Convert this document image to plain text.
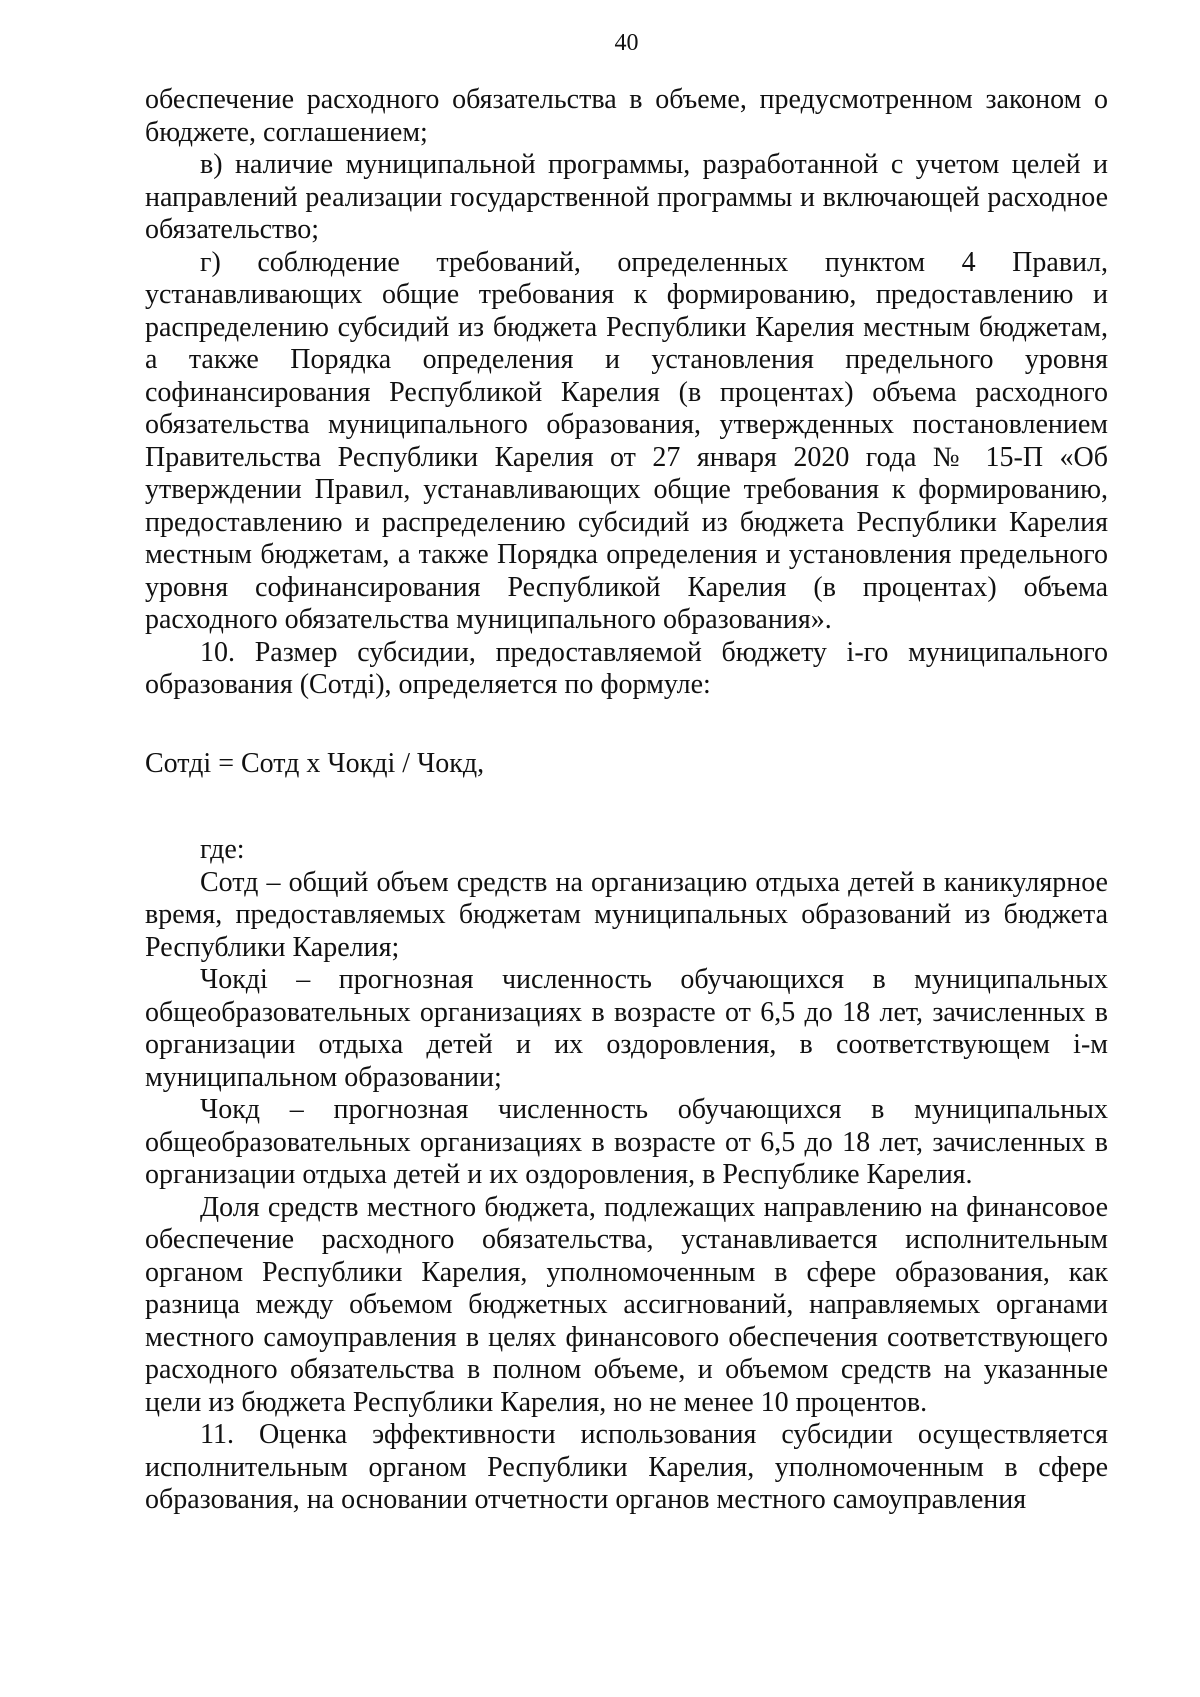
40

обеспечение расходного обязательства в объеме, предусмотренном законом о бюджете, соглашением;

в) наличие муниципальной программы, разработанной с учетом целей и направлений реализации государственной программы и включающей расходное обязательство;

г) соблюдение требований, определенных пунктом 4 Правил, устанавливающих общие требования к формированию, предоставлению и распределению субсидий из бюджета Республики Карелия местным бюджетам, а также Порядка определения и установления предельного уровня софинансирования Республикой Карелия (в процентах) объема расходного обязательства муниципального образования, утвержденных постановлением Правительства Республики Карелия от 27 января 2020 года № 15-П «Об утверждении Правил, устанавливающих общие требования к формированию, предоставлению и распределению субсидий из бюджета Республики Карелия местным бюджетам, а также Порядка определения и установления предельного уровня софинансирования Республикой Карелия (в процентах) объема расходного обязательства муниципального образования».

10. Размер субсидии, предоставляемой бюджету i-го муниципального образования (Cотдi), определяется по формуле:

Cотдi = Cотд x Чокдi / Чокд,

где:

Cотд – общий объем средств на организацию отдыха детей в каникулярное время, предоставляемых бюджетам муниципальных образований из бюджета Республики Карелия;

Чокдi – прогнозная численность обучающихся в муниципальных общеобразовательных организациях в возрасте от 6,5 до 18 лет, зачисленных в организации отдыха детей и их оздоровления, в соответствующем i-м муниципальном образовании;

Чокд – прогнозная численность обучающихся в муниципальных общеобразовательных организациях в возрасте от 6,5 до 18 лет, зачисленных в организации отдыха детей и их оздоровления, в Республике Карелия.

Доля средств местного бюджета, подлежащих направлению на финансовое обеспечение расходного обязательства, устанавливается исполнительным органом Республики Карелия, уполномоченным в сфере образования, как разница между объемом бюджетных ассигнований, направляемых органами местного самоуправления в целях финансового обеспечения соответствующего расходного обязательства в полном объеме, и объемом средств на указанные цели из бюджета Республики Карелия, но не менее 10 процентов.

11. Оценка эффективности использования субсидии осуществляется исполнительным органом Республики Карелия, уполномоченным в сфере образования, на основании отчетности органов местного самоуправления
